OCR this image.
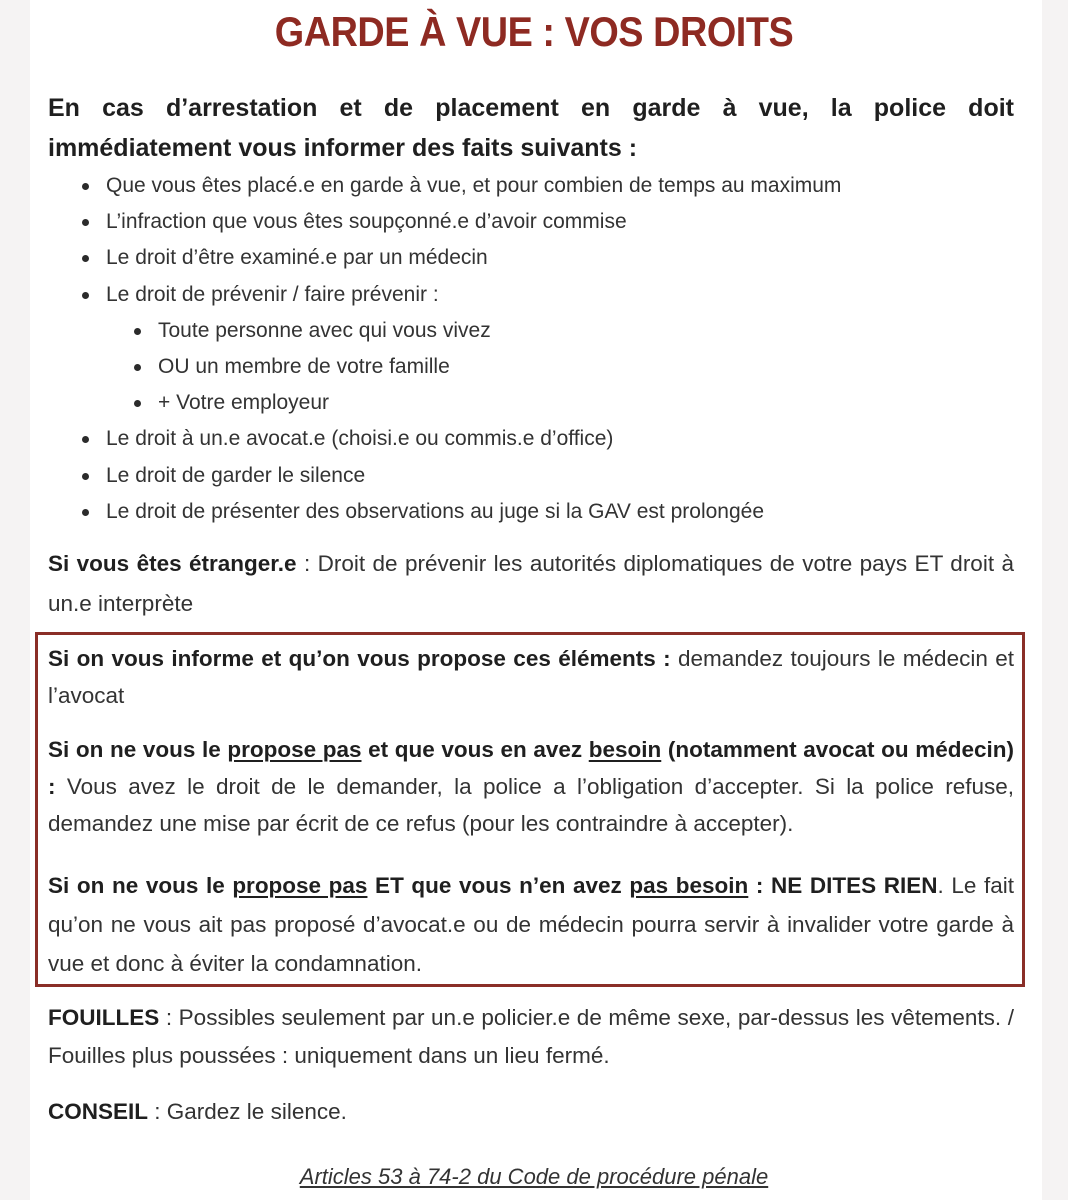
GARDE À VUE : VOS DROITS
En cas d’arrestation et de placement en garde à vue, la police doit immédiatement vous informer des faits suivants :
Que vous êtes placé.e en garde à vue, et pour combien de temps au maximum
L’infraction que vous êtes soupçonné.e d’avoir commise
Le droit d’être examiné.e par un médecin
Le droit de prévenir / faire prévenir :
Toute personne avec qui vous vivez
OU un membre de votre famille
+ Votre employeur
Le droit à un.e avocat.e (choisi.e ou commis.e d’office)
Le droit de garder le silence
Le droit de présenter des observations au juge si la GAV est prolongée
Si vous êtes étranger.e : Droit de prévenir les autorités diplomatiques de votre pays ET droit à un.e interprète
Si on vous informe et qu’on vous propose ces éléments : demandez toujours le médecin et l’avocat
Si on ne vous le propose pas et que vous en avez besoin (notamment avocat ou médecin) : Vous avez le droit de le demander, la police a l’obligation d’accepter. Si la police refuse, demandez une mise par écrit de ce refus (pour les contraindre à accepter).
Si on ne vous le propose pas ET que vous n’en avez pas besoin : NE DITES RIEN. Le fait qu’on ne vous ait pas proposé d’avocat.e ou de médecin pourra servir à invalider votre garde à vue et donc à éviter la condamnation.
FOUILLES : Possibles seulement par un.e policier.e de même sexe, par-dessus les vêtements. / Fouilles plus poussées : uniquement dans un lieu fermé.
CONSEIL : Gardez le silence.
Articles 53 à 74-2 du Code de procédure pénale
